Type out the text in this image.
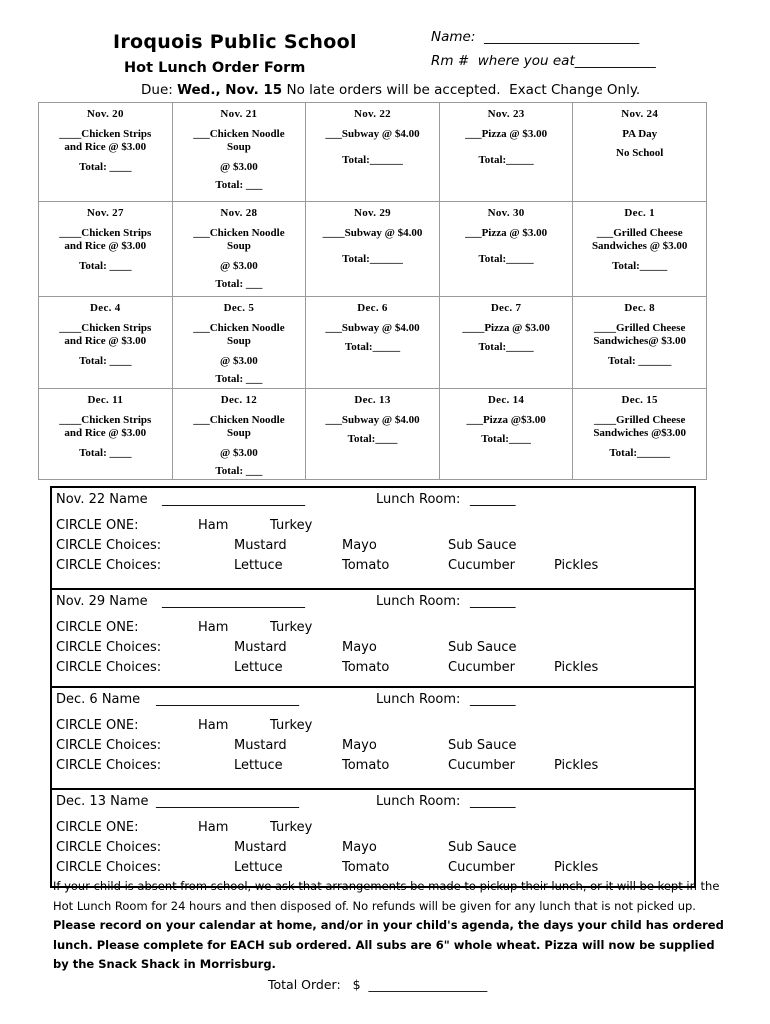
Iroquois Public School
Hot Lunch Order Form
Name: _______________________
Rm #  where you eat____________
Due: Wed., Nov. 15 No late orders will be accepted.  Exact Change Only.
Nov. 20
____Chicken Strips
and Rice @ $3.00
Total: ____	Nov. 21
___Chicken Noodle
Soup
@ $3.00
Total: ___	Nov. 22
___Subway @ $4.00
Total:______	Nov. 23
___Pizza @ $3.00
Total:_____	Nov. 24
PA Day
No School

Nov. 27
____Chicken Strips
and Rice @ $3.00
Total: ____	Nov. 28
___Chicken Noodle
Soup
@ $3.00
Total: ___	Nov. 29
____Subway @ $4.00
Total:______	Nov. 30
___Pizza @ $3.00
Total:_____	Dec. 1
___Grilled Cheese
Sandwiches @ $3.00
Total:_____

Dec. 4
____Chicken Strips
and Rice @ $3.00
Total: ____	Dec. 5
___Chicken Noodle
Soup
@ $3.00
Total: ___	Dec. 6
___Subway @ $4.00
Total:_____	Dec. 7
____Pizza @ $3.00
Total:_____	Dec. 8
____Grilled Cheese
Sandwiches@ $3.00
Total: ______

Dec. 11
____Chicken Strips
and Rice @ $3.00
Total: ____	Dec. 12
___Chicken Noodle
Soup
@ $3.00
Total: ___	Dec. 13
___Subway @ $4.00
Total:____	Dec. 14
___Pizza @$3.00
Total:____	Dec. 15
____Grilled Cheese
Sandwiches @$3.00
Total:______
Nov. 22 Name ______________________	Lunch Room: _______
CIRCLE ONE:	Ham	Turkey
CIRCLE Choices:	Mustard	Mayo	Sub Sauce
CIRCLE Choices:	Lettuce	Tomato	Cucumber	Pickles
Nov. 29 Name ______________________	Lunch Room: _______
CIRCLE ONE:	Ham	Turkey
CIRCLE Choices:	Mustard	Mayo	Sub Sauce
CIRCLE Choices:	Lettuce	Tomato	Cucumber	Pickles
Dec. 6 Name ______________________	Lunch Room: _______
CIRCLE ONE:	Ham	Turkey
CIRCLE Choices:	Mustard	Mayo	Sub Sauce
CIRCLE Choices:	Lettuce	Tomato	Cucumber	Pickles
Dec. 13 Name ______________________	Lunch Room: _______
CIRCLE ONE:	Ham	Turkey
CIRCLE Choices:	Mustard	Mayo	Sub Sauce
CIRCLE Choices:	Lettuce	Tomato	Cucumber	Pickles
If your child is absent from school, we ask that arrangements be made to pickup their lunch, or it will be kept in the Hot Lunch Room for 24 hours and then disposed of. No refunds will be given for any lunch that is not picked up. Please record on your calendar at home, and/or in your child's agenda, the days your child has ordered lunch. Please complete for EACH sub ordered. All subs are 6" whole wheat. Pizza will now be supplied by the Snack Shack in Morrisburg.
Total Order: $ ___________________
